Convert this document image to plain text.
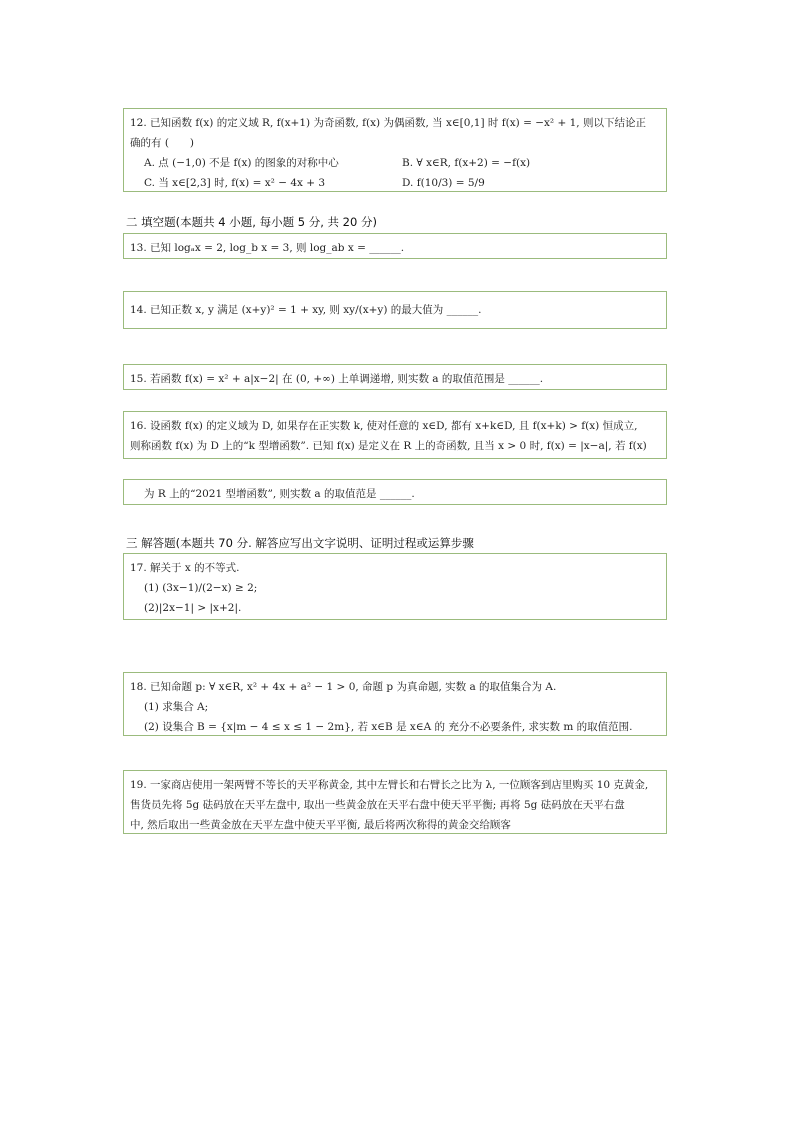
12. 已知函数 f(x) 的定义域 R, f(x+1) 为奇函数, f(x) 为偶函数, 当 x∈[0,1] 时 f(x) = −x² + 1, 则以下结论正
确的有 (　　)
A. 点 (−1,0) 不是 f(x) 的图象的对称中心	B. ∀ x∈R, f(x+2) = −f(x)
C. 当 x∈[2,3] 时, f(x) = x² − 4x + 3	D. f(10/3) = 5/9
二 填空题(本题共 4 小题, 每小题 5 分, 共 20 分)
13. 已知 logₐx = 2, log_b x = 3, 则 log_ab x = ______.
14. 已知正数 x, y 满足 (x+y)² = 1 + xy, 则 xy/(x+y) 的最大值为 ______.
15. 若函数 f(x) = x² + a|x−2| 在 (0, +∞) 上单调递增, 则实数 a 的取值范围是 ______.
16. 设函数 f(x) 的定义域为 D, 如果存在正实数 k, 使对任意的 x∈D, 都有 x+k∈D, 且 f(x+k) > f(x) 恒成立,
则称函数 f(x) 为 D 上的“k 型增函数”. 已知 f(x) 是定义在 R 上的奇函数, 且当 x > 0 时, f(x) = |x−a|, 若 f(x)
为 R 上的“2021 型增函数”, 则实数 a 的取值范是 ______.
三 解答题(本题共 70 分. 解答应写出文字说明、证明过程或运算步骤
17. 解关于 x 的不等式.
(1) (3x−1)/(2−x) ≥ 2;
(2)|2x−1| > |x+2|.
18. 已知命题 p: ∀ x∈R, x² + 4x + a² − 1 > 0, 命题 p 为真命题, 实数 a 的取值集合为 A.
(1) 求集合 A;
(2) 设集合 B = {x|m − 4 ≤ x ≤ 1 − 2m}, 若 x∈B 是 x∈A 的 充分不必要条件, 求实数 m 的取值范围.
19. 一家商店使用一架两臂不等长的天平称黄金, 其中左臂长和右臂长之比为 λ, 一位顾客到店里购买 10 克黄金,
售货员先将 5g 砝码放在天平左盘中, 取出一些黄金放在天平右盘中使天平平衡; 再将 5g 砝码放在天平右盘
中, 然后取出一些黄金放在天平左盘中使天平平衡, 最后将两次称得的黄金交给顾客
